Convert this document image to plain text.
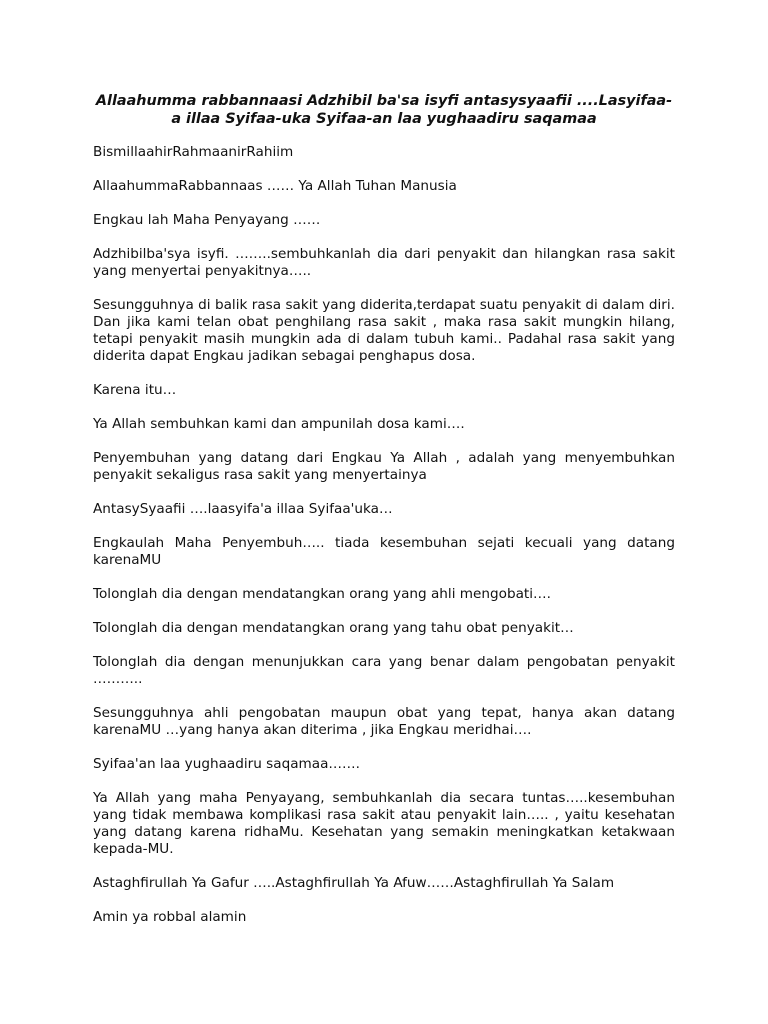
Allaahumma rabbannaasi Adzhibil ba'sa isyfi antasysyaafii ....Lasyifaa-a illaa Syifaa-uka Syifaa-an laa yughaadiru saqamaa

BismillaahirRahmaanirRahiim

AllaahummaRabbannaas …… Ya Allah Tuhan Manusia

Engkau lah Maha Penyayang ……

Adzhibilba'sya isyfi. ……..sembuhkanlah dia dari penyakit dan hilangkan rasa sakit yang menyertai penyakitnya…..

Sesungguhnya di balik rasa sakit yang diderita,terdapat suatu penyakit di dalam diri. Dan jika kami telan obat penghilang rasa sakit , maka rasa sakit mungkin hilang, tetapi penyakit masih mungkin ada di dalam tubuh kami.. Padahal rasa sakit yang diderita dapat Engkau jadikan sebagai penghapus dosa.

Karena itu…

Ya Allah sembuhkan kami dan ampunilah dosa kami….

Penyembuhan yang datang dari Engkau Ya Allah , adalah yang menyembuhkan penyakit sekaligus rasa sakit yang menyertainya

AntasySyaafii ….laasyifa'a illaa Syifaa'uka…

Engkaulah Maha Penyembuh….. tiada kesembuhan sejati kecuali yang datang karenaMU

Tolonglah dia dengan mendatangkan orang yang ahli mengobati….

Tolonglah dia dengan mendatangkan orang yang tahu obat penyakit…

Tolonglah dia dengan menunjukkan cara yang benar dalam pengobatan penyakit ………..

Sesungguhnya ahli pengobatan maupun obat yang tepat, hanya akan datang karenaMU …yang hanya akan diterima , jika Engkau meridhai….

Syifaa'an laa yughaadiru saqamaa…….

Ya Allah yang maha Penyayang, sembuhkanlah dia secara tuntas…..kesembuhan yang tidak membawa komplikasi rasa sakit atau penyakit lain….. , yaitu kesehatan yang datang karena ridhaMu. Kesehatan yang semakin meningkatkan ketakwaan kepada-MU.

Astaghfirullah Ya Gafur …..Astaghfirullah Ya Afuw……Astaghfirullah Ya Salam

Amin ya robbal alamin
